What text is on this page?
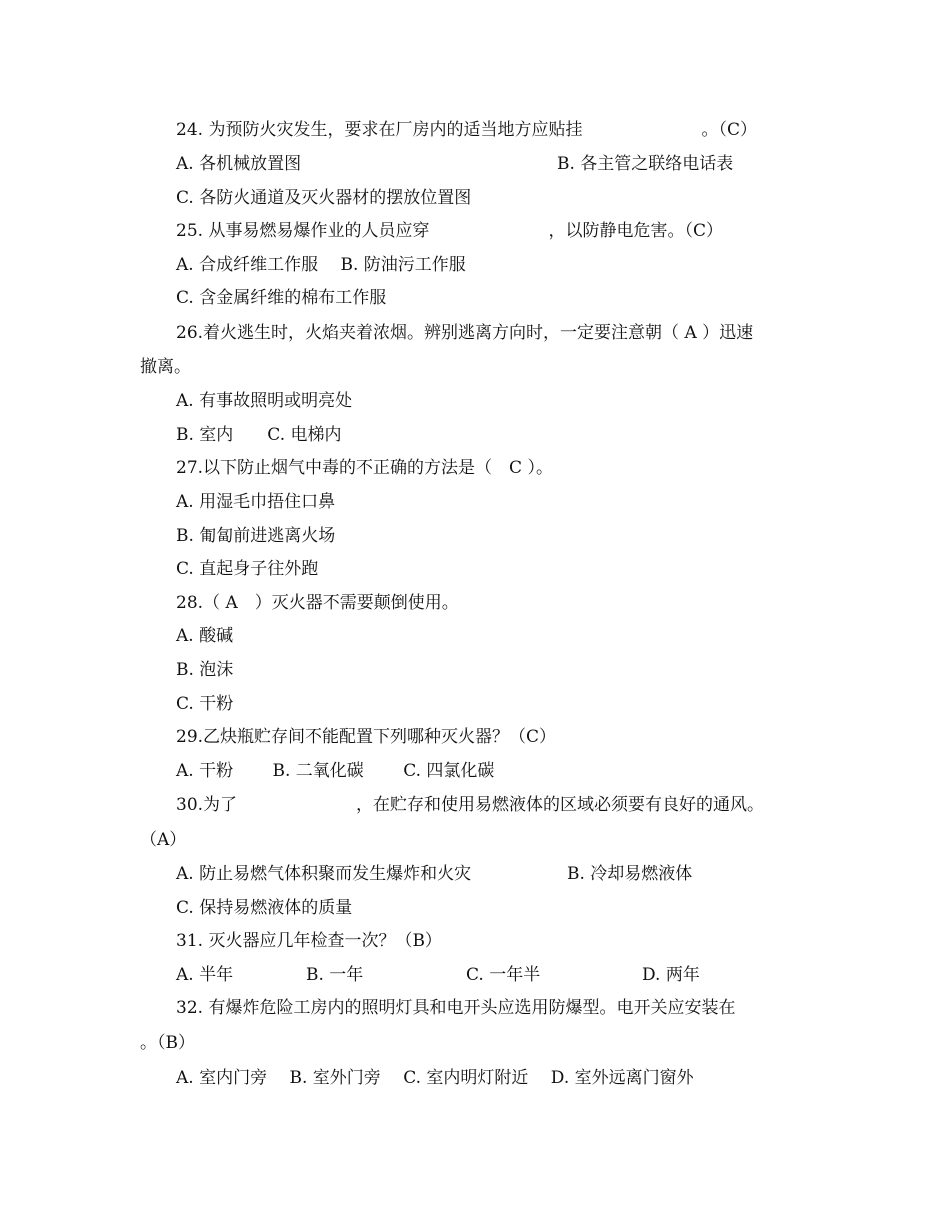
24. 为预防火灾发生，要求在厂房内的适当地方应贴挂　　　　　　　。（C）
A. 各机械放置图	B. 各主管之联络电话表
C. 各防火通道及灭火器材的摆放位置图
25. 从事易燃易爆作业的人员应穿　　　　　　　，以防静电危害。（C）
A. 合成纤维工作服　 B. 防油污工作服
C. 含金属纤维的棉布工作服
26.着火逃生时，火焰夹着浓烟。辨别逃离方向时，一定要注意朝（ A ）迅速
撤离。
A. 有事故照明或明亮处
B. 室内　　C. 电梯内
27.以下防止烟气中毒的不正确的方法是（　C ）。
A. 用湿毛巾捂住口鼻
B. 匍匐前进逃离火场
C. 直起身子往外跑
28.（ A　）灭火器不需要颠倒使用。
A. 酸碱
B. 泡沫
C. 干粉
29.乙炔瓶贮存间不能配置下列哪种灭火器？（C）
A. 干粉　　 B. 二氧化碳　　 C. 四氯化碳
30.为了　　　　　　　，在贮存和使用易燃液体的区域必须要有良好的通风。
（A）
A. 防止易燃气体积聚而发生爆炸和火灾	B. 冷却易燃液体
C. 保持易燃液体的质量
31. 灭火器应几年检查一次？（B）
A. 半年	B. 一年	C. 一年半	D. 两年
32. 有爆炸危险工房内的照明灯具和电开头应选用防爆型。电开关应安装在
。（B）
A. 室内门旁　 B. 室外门旁　 C. 室内明灯附近　 D. 室外远离门窗外
